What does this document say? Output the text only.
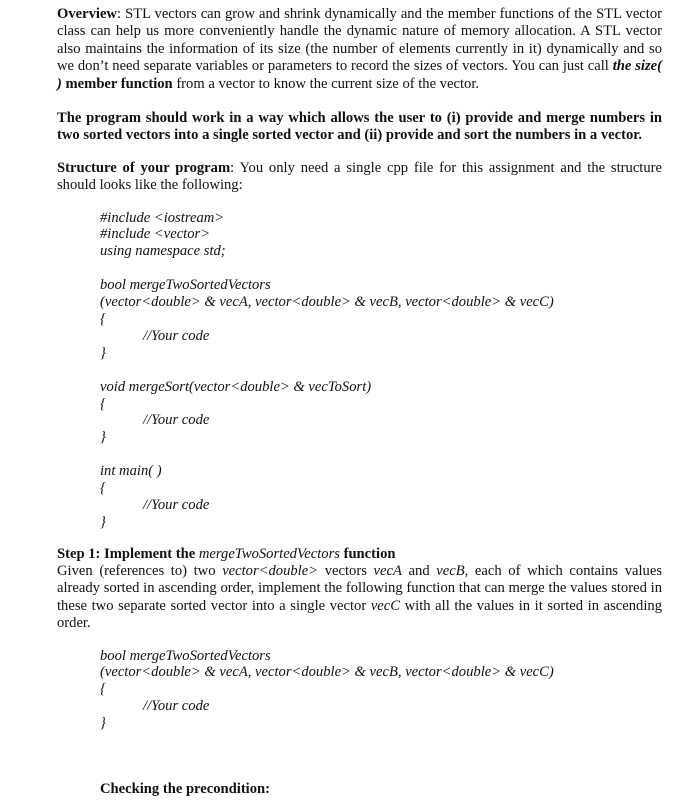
Overview: STL vectors can grow and shrink dynamically and the member functions of the STL vector class can help us more conveniently handle the dynamic nature of memory allocation. A STL vector also maintains the information of its size (the number of elements currently in it) dynamically and so we don’t need separate variables or parameters to record the sizes of vectors. You can just call the size( ) member function from a vector to know the current size of the vector.

The program should work in a way which allows the user to (i) provide and merge numbers in two sorted vectors into a single sorted vector and (ii) provide and sort the numbers in a vector.

Structure of your program: You only need a single cpp file for this assignment and the structure should looks like the following:

#include <iostream>
#include <vector>
using namespace std;
bool mergeTwoSortedVectors
(vector<double> & vecA, vector<double> & vecB, vector<double> & vecC)
{
//Your code
}
void mergeSort(vector<double> & vecToSort)
{
//Your code
}
int main( )
{
//Your code
}

Step 1: Implement the mergeTwoSortedVectors function

Given (references to) two vector<double> vectors vecA and vecB, each of which contains values already sorted in ascending order, implement the following function that can merge the values stored in these two separate sorted vector into a single vector vecC with all the values in it sorted in ascending order.

bool mergeTwoSortedVectors
(vector<double> & vecA, vector<double> & vecB, vector<double> & vecC)
{
//Your code
}
Checking the precondition:
